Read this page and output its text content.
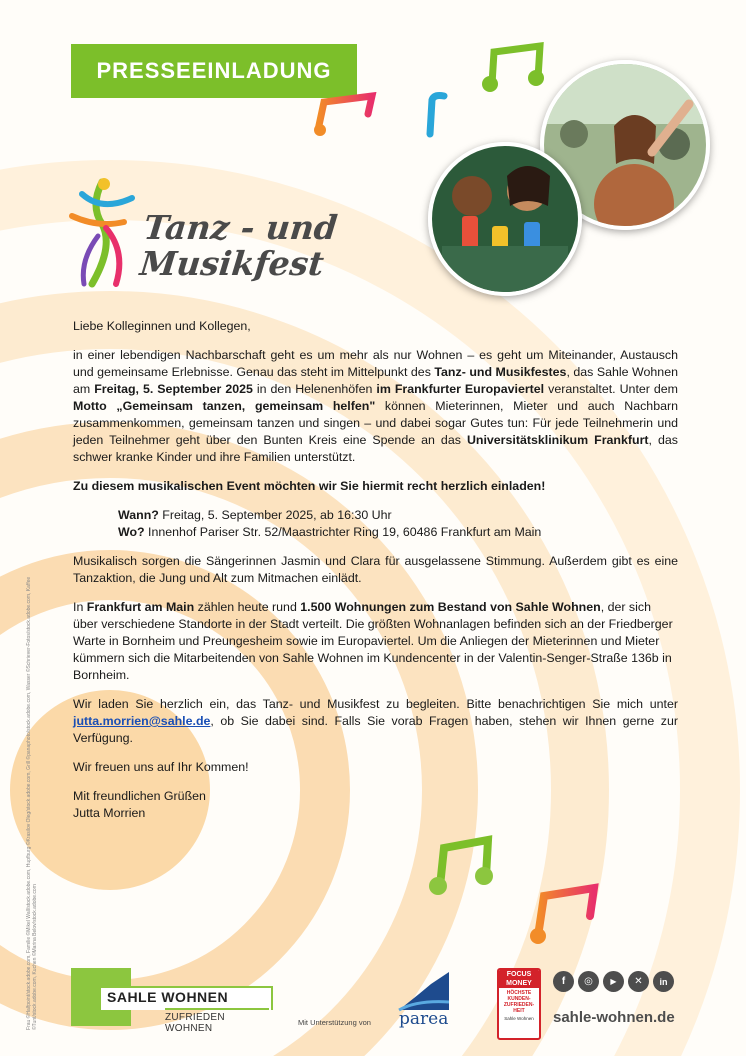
PRESSEEINLADUNG
Tanz - und
Musikfest

Liebe Kolleginnen und Kollegen,

in einer lebendigen Nachbarschaft geht es um mehr als nur Wohnen – es geht um Miteinander, Austausch und gemeinsame Erlebnisse. Genau das steht im Mittelpunkt des Tanz- und Musikfestes, das Sahle Wohnen am Freitag, 5. September 2025 in den Helenenhöfen im Frankfurter Europaviertel veranstaltet. Unter dem Motto „Gemeinsam tanzen, gemeinsam helfen" können Mieterinnen, Mieter und auch Nachbarn zusammenkommen, gemeinsam tanzen und singen – und dabei sogar Gutes tun: Für jede Teilnehmerin und jeden Teilnehmer geht über den Bunten Kreis eine Spende an das Universitätsklinikum Frankfurt, das schwer kranke Kinder und ihre Familien unterstützt.

Zu diesem musikalischen Event möchten wir Sie hiermit recht herzlich einladen!

Wann? Freitag, 5. September 2025, ab 16:30 Uhr
Wo? Innenhof Pariser Str. 52/Maastrichter Ring 19, 60486 Frankfurt am Main

Musikalisch sorgen die Sängerinnen Jasmin und Clara für ausgelassene Stimmung. Außerdem gibt es eine Tanzaktion, die Jung und Alt zum Mitmachen einlädt.

In Frankfurt am Main zählen heute rund 1.500 Wohnungen zum Bestand von Sahle Wohnen, der sich über verschiedene Standorte in der Stadt verteilt. Die größten Wohnanlagen befinden sich an der Friedberger Warte in Bornheim und Preungesheim sowie im Europaviertel. Um die Anliegen der Mieterinnen und Mieter kümmern sich die Mitarbeitenden von Sahle Wohnen im Kundencenter in der Valentin-Senger-Straße 136b in Bornheim.

Wir laden Sie herzlich ein, das Tanz- und Musikfest zu begleiten. Bitte benachrichtigen Sie mich unter jutta.morrien@sahle.de, ob Sie dabei sind. Falls Sie vorab Fragen haben, stehen wir Ihnen gerne zur Verfügung.

Wir freuen uns auf Ihr Kommen!

Mit freundlichen Grüßen
Jutta Morrien

Frau ©Halfpoint/stock.adobe.com, Familie ©Mikel Wall/stock.adobe.com, Hupfburg ©Krasilov Oleg/stock.adobe.com, Grill ©panaphoto/stock.adobe.com, Wasser ©Schriever-Fotos/stock.adobe.com, Kaffee ©Tunt/stock.adobe.com, Kuchen ©Marina Belov/stock.adobe.com	SAHLE WOHNEN
ZUFRIEDEN WOHNEN
Mit Unterstützung von parea
FOCUS MONEY
HÖCHSTE KUNDEN-ZUFRIEDEN-HEIT
Sahle Wohnen
f	◎	▶	✕	in
sahle-wohnen.de
